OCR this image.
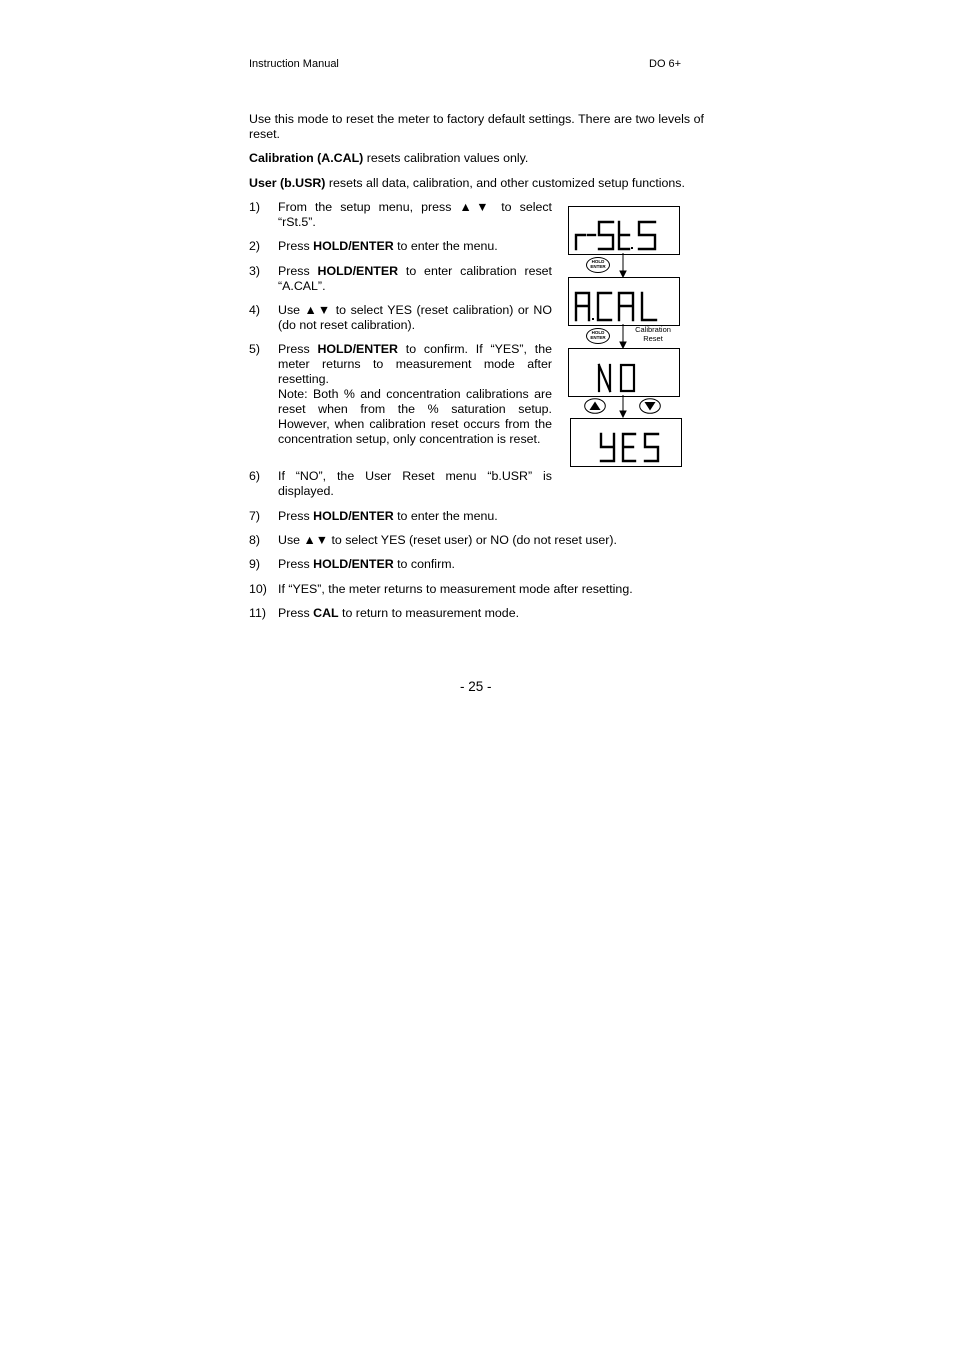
Instruction Manual	DO 6+
Use this mode to reset the meter to factory default settings. There are two levels of reset.
Calibration (A.CAL) resets calibration values only.
User (b.USR) resets all data, calibration, and other customized setup functions.
1)
2)
3)
4)
5)
6)
7)
8)
9)
10)
11)
From the setup menu, press ▲▼ to select
“rSt.5”.
Press HOLD/ENTER to enter the menu.
Press HOLD/ENTER to enter calibration reset
“A.CAL”.
Use ▲▼ to select YES (reset calibration) or NO
(do not reset calibration).
Press HOLD/ENTER to confirm. If “YES”, the meter returns to measurement mode after resetting.
Note: Both % and concentration calibrations are reset when from the % saturation setup. However, when calibration reset occurs from the concentration setup, only concentration is reset.
If “NO”, the User Reset menu “b.USR” is displayed.
Press HOLD/ENTER to enter the menu.
Use ▲▼ to select YES (reset user) or NO (do not reset user).
Press HOLD/ENTER to confirm.
If “YES”, the meter returns to measurement mode after resetting.
Press CAL to return to measurement mode.
HOLD
ENTER
HOLD
ENTER
Calibration
Reset
- 25 -
